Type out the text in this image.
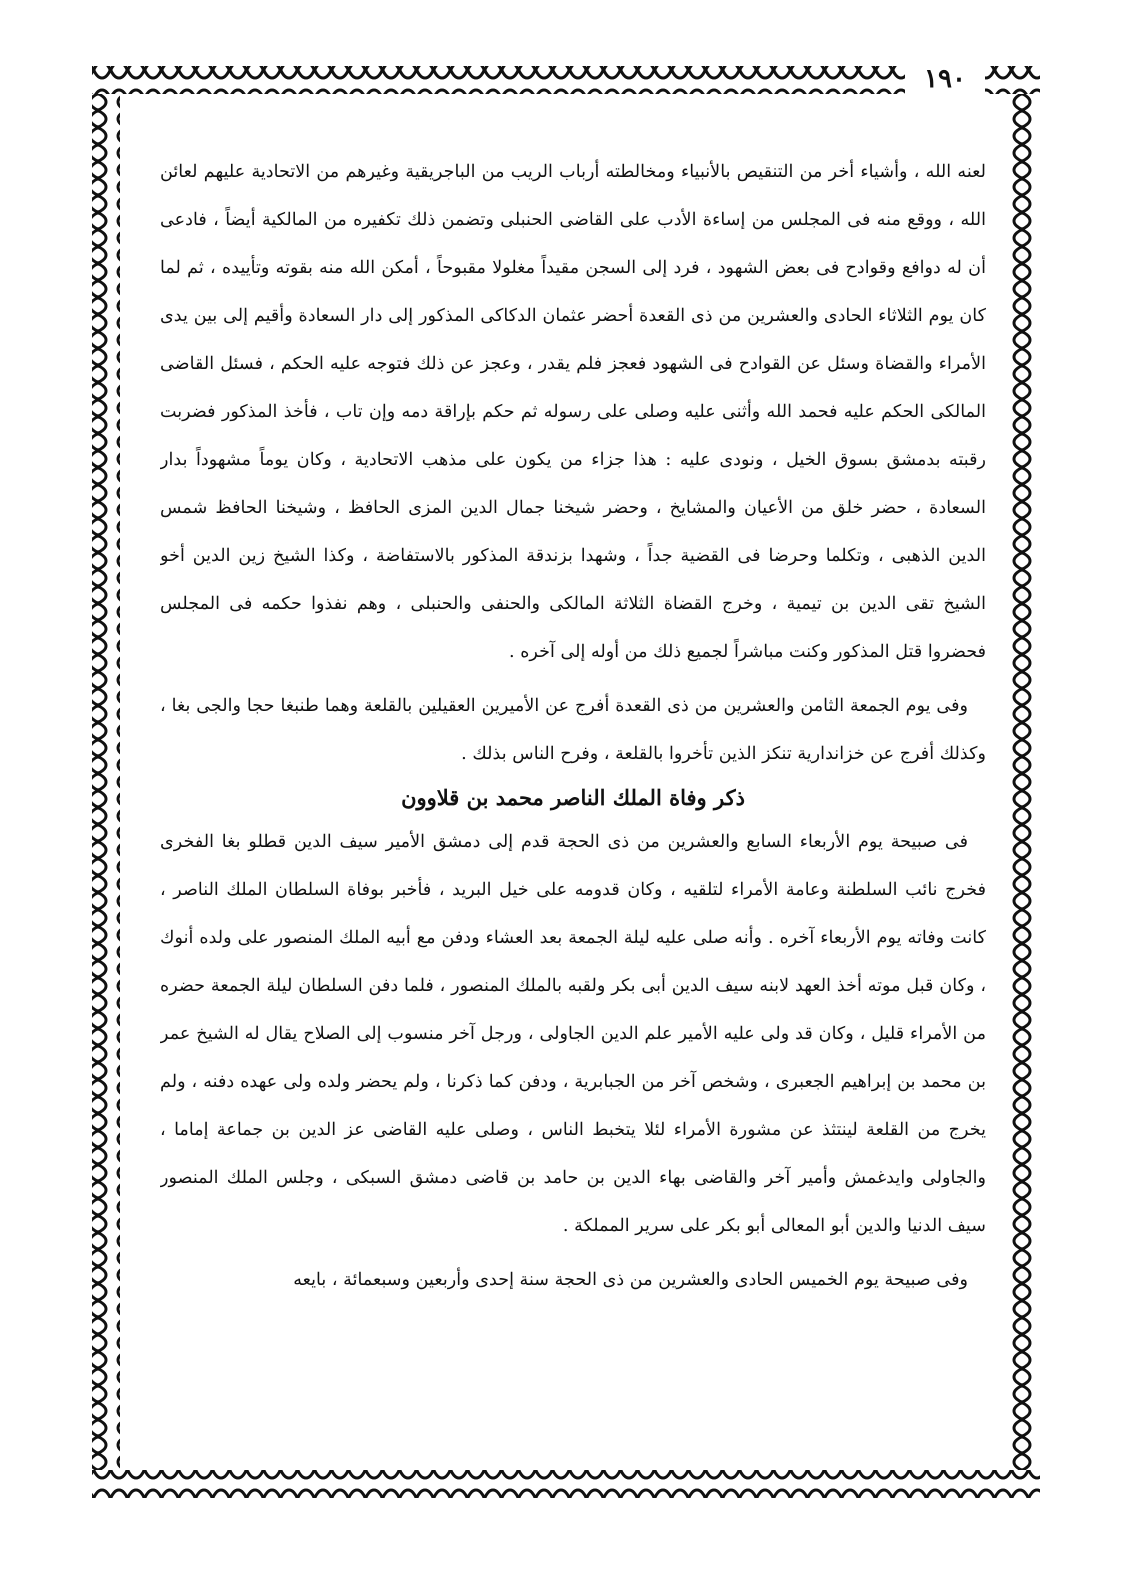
١٩٠

لعنه الله ، وأشياء أخر من التنقيص بالأنبياء ومخالطته أرباب الريب من الباجريقية وغيرهم من الاتحادية عليهم لعائن الله ، ووقع منه فى المجلس من إساءة الأدب على القاضى الحنبلى وتضمن ذلك تكفيره من المالكية أيضاً ، فادعى أن له دوافع وقوادح فى بعض الشهود ، فرد إلى السجن مقيداً مغلولا مقبوحاً ، أمكن الله منه بقوته وتأييده ، ثم لما كان يوم الثلاثاء الحادى والعشرين من ذى القعدة أحضر عثمان الدكاكى المذكور إلى دار السعادة وأقيم إلى بين يدى الأمراء والقضاة وسئل عن القوادح فى الشهود فعجز فلم يقدر ، وعجز عن ذلك فتوجه عليه الحكم ، فسئل القاضى المالكى الحكم عليه فحمد الله وأثنى عليه وصلى على رسوله ثم حكم بإراقة دمه وإن تاب ، فأخذ المذكور فضربت رقبته بدمشق بسوق الخيل ، ونودى عليه : هذا جزاء من يكون على مذهب الاتحادية ، وكان يوماً مشهوداً بدار السعادة ، حضر خلق من الأعيان والمشايخ ، وحضر شيخنا جمال الدين المزى الحافظ ، وشيخنا الحافظ شمس الدين الذهبى ، وتكلما وحرضا فى القضية جداً ، وشهدا بزندقة المذكور بالاستفاضة ، وكذا الشيخ زين الدين أخو الشيخ تقى الدين بن تيمية ، وخرج القضاة الثلاثة المالكى والحنفى والحنبلى ، وهم نفذوا حكمه فى المجلس فحضروا قتل المذكور وكنت مباشراً لجميع ذلك من أوله إلى آخره .

وفى يوم الجمعة الثامن والعشرين من ذى القعدة أفرج عن الأميرين العقيلين بالقلعة وهما طنبغا حجا والجى بغا ، وكذلك أفرج عن خزاندارية تنكز الذين تأخروا بالقلعة ، وفرح الناس بذلك .

ذكر وفاة الملك الناصر محمد بن قلاوون

فى صبيحة يوم الأربعاء السابع والعشرين من ذى الحجة قدم إلى دمشق الأمير سيف الدين قطلو بغا الفخرى فخرج نائب السلطنة وعامة الأمراء لتلقيه ، وكان قدومه على خيل البريد ، فأخبر بوفاة السلطان الملك الناصر ، كانت وفاته يوم الأربعاء آخره . وأنه صلى عليه ليلة الجمعة بعد العشاء ودفن مع أبيه الملك المنصور على ولده أنوك ، وكان قبل موته أخذ العهد لابنه سيف الدين أبى بكر ولقبه بالملك المنصور ، فلما دفن السلطان ليلة الجمعة حضره من الأمراء قليل ، وكان قد ولى عليه الأمير علم الدين الجاولى ، ورجل آخر منسوب إلى الصلاح يقال له الشيخ عمر بن محمد بن إبراهيم الجعبرى ، وشخص آخر من الجبابرية ، ودفن كما ذكرنا ، ولم يحضر ولده ولى عهده دفنه ، ولم يخرج من القلعة لينتثذ عن مشورة الأمراء لئلا يتخبط الناس ، وصلى عليه القاضى عز الدين بن جماعة إماما ، والجاولى وايدغمش وأمير آخر والقاضى بهاء الدين بن حامد بن قاضى دمشق السبكى ، وجلس الملك المنصور سيف الدنيا والدين أبو المعالى أبو بكر على سرير المملكة .

وفى صبيحة يوم الخميس الحادى والعشرين من ذى الحجة سنة إحدى وأربعين وسبعمائة ، بايعه
